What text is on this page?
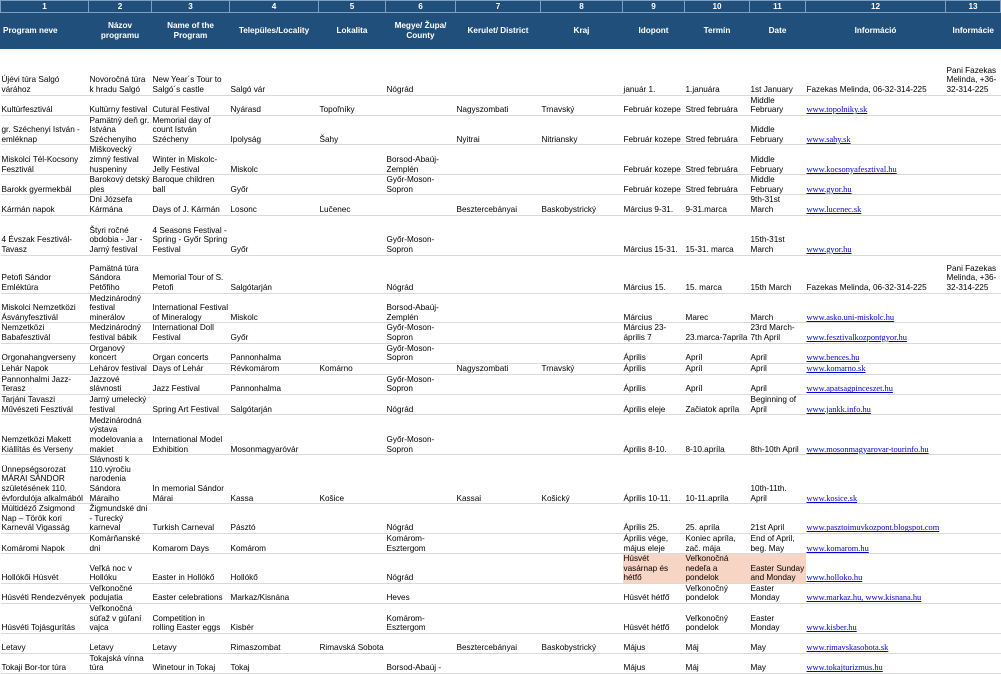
1	2	3	4	5	6	7	8	9	10	11	12	13
Program neve	Názov programu	Name of the Program	Települes/Locality	Lokalita	Megye/ Župa/ County	Kerulet/ District	Kraj	Idopont	Termín	Date	Információ	Informácie
Újévi túra Salgó várához	Novoročná túra k hradu Salgó	New Year´s Tour to Salgó´s castle	Salgó vár		Nógrád			január 1.	1.januára	1st January	Fazekas Melinda, 06-32-314-225	Pani Fazekas Melinda, +36-32-314-225
Kultúrfesztivál	Kultúrny festival	Cutural Festival	Nyárasd	Topoľníky		Nagyszombati	Trnavský	Február kozepe	Stred februára	Middle February	www.topolniky.sk	
gr. Széchenyi István - emléknap	Pamätný deň gr. Istvána Széchenyiho	Memorial day of count István Szécheny	Ipolyság	Šahy		Nyitrai	Nitriansky	Február kozepe	Stred februára	Middle February	www.sahy.sk	
Miskolci Tél-Kocsony Fesztivál	Miškovecký zimný festival huspeniny	Winter in Miskolc- Jelly Festival	Miskolc		Borsod-Abaúj-Zemplén			Február kozepe	Stred februára	Middle February	www.kocsonyafesztival.hu	
Barokk gyermekbál	Barokový detský ples	Baroque children ball	Győr		Győr-Moson-Sopron			Február kozepe	Stred februára	Middle February	www.gyor.hu	
Kármán napok	Dni Józsefa Kármána	Days of J. Kármán	Losonc	Lučenec		Besztercebányai	Baskobystrický	Március 9-31.	9-31.marca	9th-31st March	www.lucenec.sk	
4 Évszak Fesztivál- Tavasz	Štyri ročné obdobia - Jar - Jarný festival	4 Seasons Festival - Spring - Győr Spring Festival	Győr		Győr-Moson-Sopron			Március 15-31.	15-31. marca	15th-31st March	www.gyor.hu	
Petofi Sándor Emléktúra	Pamätná túra Sándora Petőfiho	Memorial Tour of S. Petofi	Salgótarján		Nógrád			Március 15.	15. marca	15th March	Fazekas Melinda, 06-32-314-225	Pani Fazekas Melinda, +36-32-314-225
Miskolci Nemzetközi Ásványfesztivál	Medzinárodný festival minerálov	International Festival of Mineralogy	Miskolc		Borsod-Abaúj-Zemplén			Március	Marec	March	www.asko.uni-miskolc.hu	
Nemzetközi Babafesztivál	Medzinárodný festival bábik	International Doll Festival	Győr		Győr-Moson-Sopron			Március 23-április 7	23.marca-7apríla	23rd March-7th April	www.fesztivalkozpontgyor.hu	
Orgonahangverseny	Organový koncert	Organ concerts	Pannonhalma		Győr-Moson-Sopron			Április	Apríl	April	www.bences.hu	
Lehár Napok	Lehárov festival	Days of Lehár	Révkomárom	Komárno		Nagyszombati	Trnavský	Április	Apríl	April	www.komarno.sk	
Pannonhalmi Jazz-Terasz	Jazzové slávnosti	Jazz Festival	Pannonhalma		Győr-Moson-Sopron			Április	Apríl	April	www.apatsagpinceszet.hu	
Tarjáni Tavaszi Művészeti Fesztivál	Jarný umelecký festival	Spring Art Festival	Salgótarján		Nógrád			Április eleje	Začiatok apríla	Beginning of April	www.jankk.info.hu	
Nemzetközi Makett Kiállítás és Verseny	Medzinárodná výstava modelovania a makiet	International Model Exhibition	Mosonmagyaróvár		Győr-Moson-Sopron			Április 8-10.	8-10.apríla	8th-10th April	www.mosonmagyarovar-tourinfo.hu	
Ünnepségsorozat MÁRAI SÁNDOR születésének 110. évfordulója alkalmából	Slávnosti k 110.výročiu narodenia Sándora Máraiho	In memorial Sándor Márai	Kassa	Košice		Kassai	Košický	Április 10-11.	10-11.apríla	10th-11th. April	www.kosice.sk	
Múltidéző Zsigmond Nap – Török kori Karnevál Vigasság	Žigmundské dni - Turecký karneval	Turkish Carneval	Pásztó		Nógrád			Április 25.	25. apríla	21st April	www.pasztoimuvkozpont.blogspot.com	
Komáromi Napok	Komárňanské dni	Komarom Days	Komárom		Komárom-Esztergom			Április vége, május eleje	Koniec apríla, zač. mája	End of April, beg. May	www.komarom.hu	
Hollókői Húsvét	Veľká noc v Hollóku	Easter in Hollókő	Hollókő		Nógrád			Húsvét vasárnap és hétfő	Veľkonočná nedeľa a pondelok	Easter Sunday and Monday	www.holloko.hu	
Húsvéti Rendezvények	Veľkonočné podujatia	Easter celebrations	Markaz/Kisnána		Heves			Húsvét hétfő	Veľkonočný pondelok	Easter Monday	www.markaz.hu, www.kisnana.hu	
Húsvéti Tojásgurítás	Veľkonočná súťaž v gúľaní vajca	Competition in rolling Easter eggs	Kisbér		Komárom-Esztergom			Húsvét hétfő	Veľkonočný pondelok	Easter Monday	www.kisber.hu	
Letavy	Letavy	Letavy	Rimaszombat	Rimavská Sobota		Besztercebányai	Baskobystrický	Május	Máj	May	www.rimavskasobota.sk	
Tokaji Bor-tor túra	Tokajská vínna túra	Winetour in Tokaj	Tokaj		Borsod-Abaúj -			Május	Máj	May	www.tokajturizmus.hu	
